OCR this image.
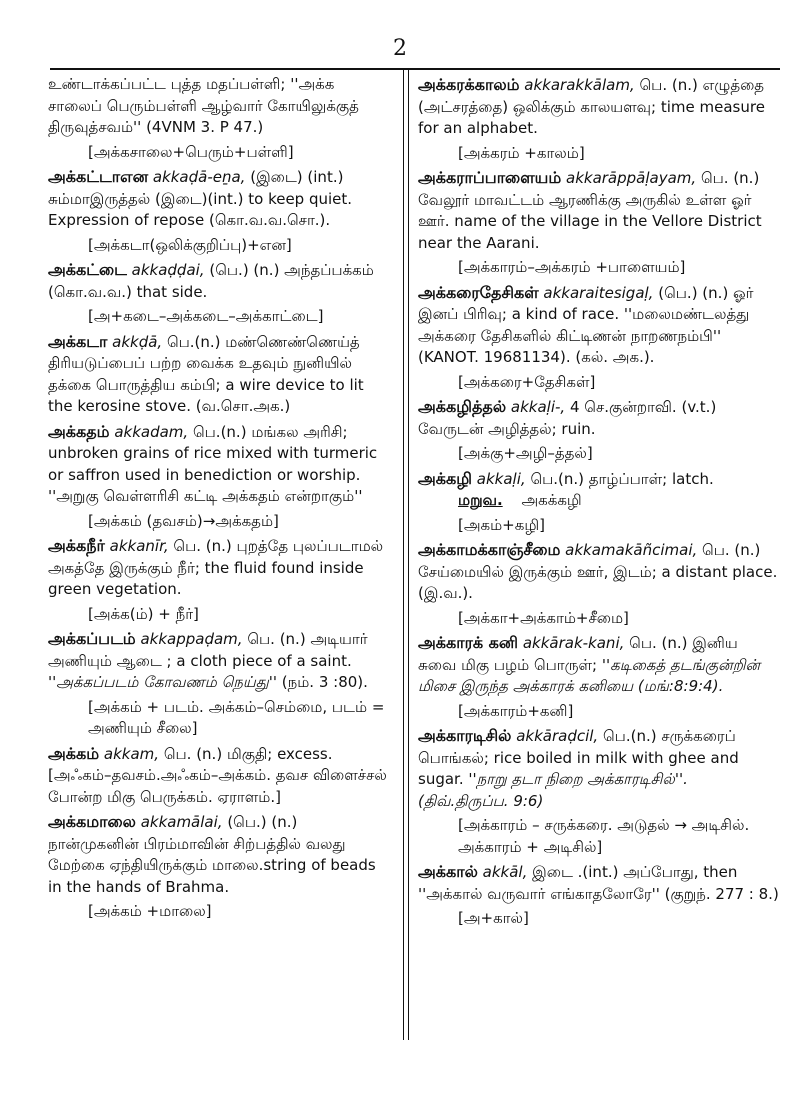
2
உண்டாக்கப்பட்ட புத்த மதப்பள்ளி; ''அக்க சாலைப் பெரும்பள்ளி ஆழ்வார் கோயிலுக்குத் திருவுத்சவம்'' (4VNM 3. P 47.)
[அக்கசாலை+பெரும்+பள்ளி]
அக்கட்டாஎன akkaḍā-eṉa, (இடை) (int.) சும்மாஇருத்தல் (இடை)(int.) to keep quiet. Expression of repose (கொ.வ.வ.சொ.).
[அக்கடா(ஒலிக்குறிப்பு)+என]
அக்கட்டை akkaḍḍai, (பெ.) (n.) அந்தப்பக்கம் (கொ.வ.வ.) that side.
[அ+கடை–அக்கடை–அக்காட்டை]
அக்கடா akkḍā, பெ.(n.) மண்ணெண்ணெய்த் திரியடுப்பைப் பற்ற வைக்க உதவும் நுனியில் தக்கை பொருத்திய கம்பி; a wire device to lit the kerosine stove. (வ.சொ.அக.)
அக்கதம் akkadam, பெ.(n.) மங்கல அரிசி; unbroken grains of rice mixed with turmeric or saffron used in benediction or worship. ''அறுகு வெள்ளரிசி கட்டி அக்கதம் என்றாகும்''
[அக்கம் (தவசம்)→அக்கதம்]
அக்கநீர் akkanīr, பெ. (n.) புறத்தே புலப்படாமல் அகத்தே இருக்கும் நீர்; the fluid found inside green vegetation.
[அக்க(ம்) + நீர்]
அக்கப்படம் akkappaḍam, பெ. (n.) அடியார் அணியும் ஆடை ; a cloth piece of a saint. ''அக்கப்படம் கோவணம் நெய்து'' (நம். 3 :80).
[அக்கம் + படம். அக்கம்–செம்மை, படம் = அணியும் சீலை]
அக்கம் akkam, பெ. (n.) மிகுதி; excess. [அஃகம்–தவசம்.அஃகம்–அக்கம். தவச விளைச்சல் போன்ற மிகு பெருக்கம். ஏராளம்.]
அக்கமாலை akkamālai, (பெ.) (n.) நான்முகனின் பிரம்மாவின் சிற்பத்தில் வலது மேற்கை ஏந்தியிருக்கும் மாலை.string of beads in the hands of Brahma.
[அக்கம் +மாலை]
அக்கரக்காலம் akkarakkālam, பெ. (n.) எழுத்தை (அட்சரத்தை) ஒலிக்கும் காலயளவு; time measure for an alphabet.
[அக்கரம் +காலம்]
அக்கராப்பாளையம் akkarāppāḷayam, பெ. (n.) வேலூர் மாவட்டம் ஆரணிக்கு அருகில் உள்ள ஓர் ஊர். name of the village in the Vellore District near the Aarani.
[அக்காரம்–அக்கரம் +பாளையம்]
அக்கரைதேசிகள் akkaraitesigaḷ, (பெ.) (n.) ஓர் இனப் பிரிவு; a kind of race. ''மலைமண்டலத்து அக்கரை தேசிகளில் கிட்டிணன் நாறணநம்பி'' (KANOT. 19681134). (கல். அக.).
[அக்கரை+தேசிகள்]
அக்கழித்தல் akkaḷi-, 4 செ.குன்றாவி. (v.t.) வேருடன் அழித்தல்; ruin.
[அக்கு+அழி–த்தல்]
அக்கழி akkaḷi, பெ.(n.) தாழ்ப்பாள்; latch.
மறுவ. அகக்கழி
[அகம்+கழி]
அக்காமக்காஞ்சீமை akkamakāñcimai, பெ. (n.) சேய்மையில் இருக்கும் ஊர், இடம்; a distant place.(இ.வ.).
[அக்கா+அக்காம்+சீமை]
அக்காரக் கனி akkārak-kani, பெ. (n.) இனிய சுவை மிகு பழம் பொருள்; ''கடிகைத் தடங்குன்றின் மிசை இருந்த அக்காரக் கனியை (மங்:8:9:4).
[அக்காரம்+கனி]
அக்காரடிசில் akkāraḍcil, பெ.(n.) சருக்கரைப் பொங்கல்; rice boiled in milk with ghee and sugar. ''நாறு தடா நிறை அக்காரடிசில்''. (திவ்.திருப்ப. 9:6)
[அக்காரம் – சருக்கரை. அடுதல் → அடிசில். அக்காரம் + அடிசில்]
அக்கால் akkāl, இடை .(int.) அப்போது, then ''அக்கால் வருவார் எங்காதலோரே'' (குறுந். 277 : 8.)
[அ+கால்]
